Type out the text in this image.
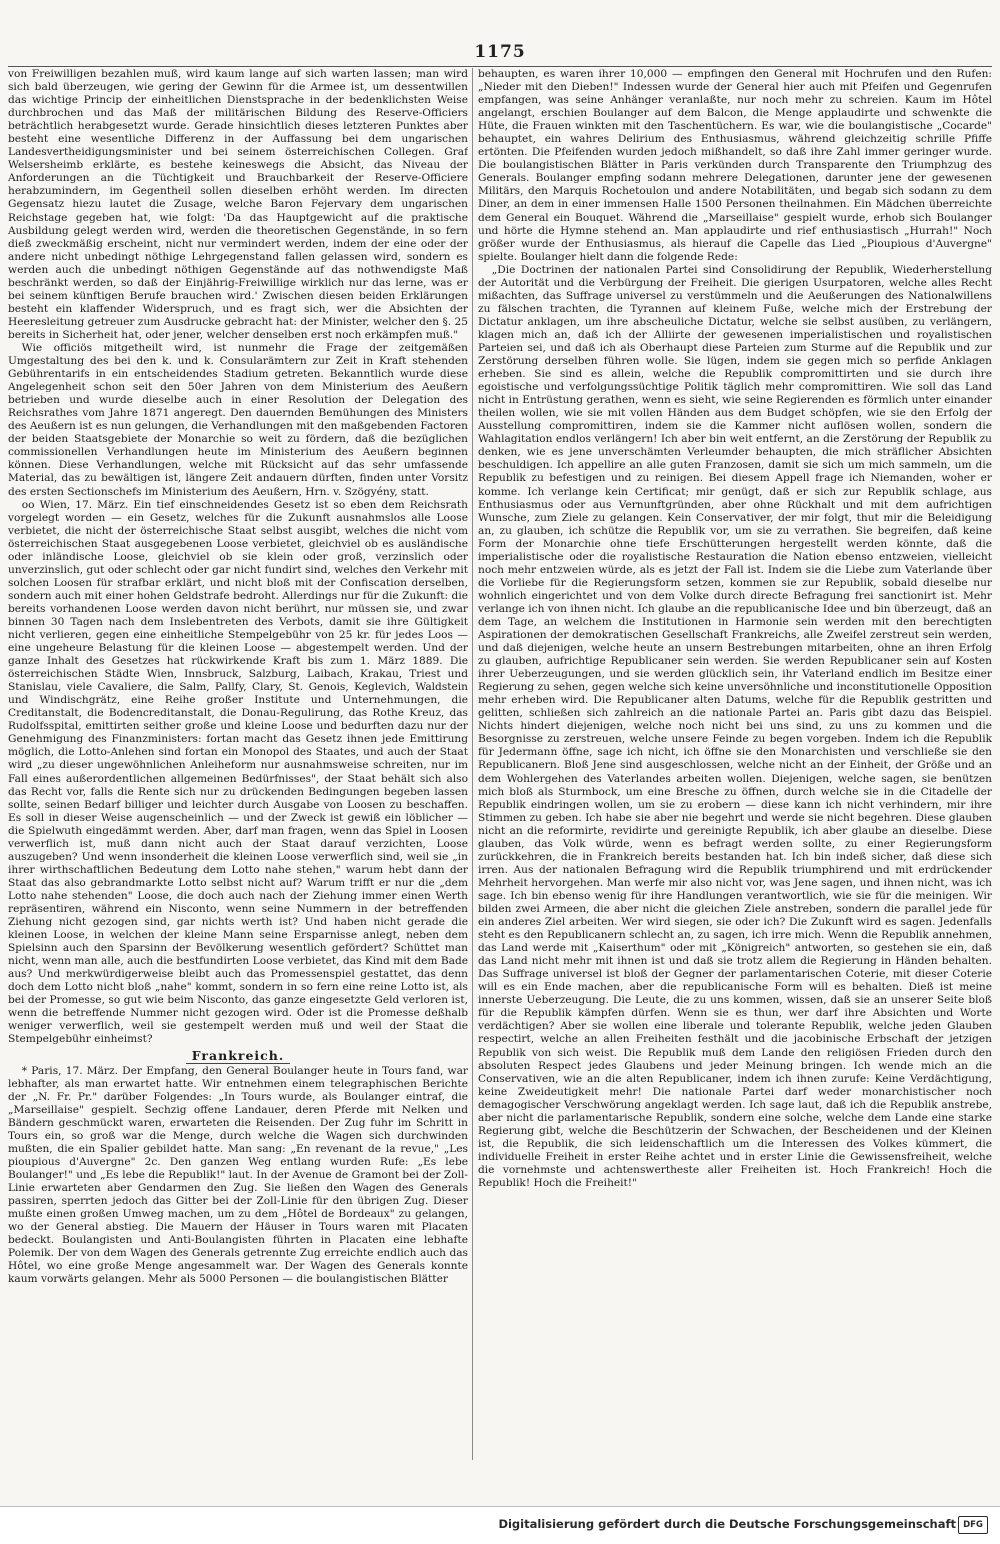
1175

von Freiwilligen bezahlen muß, wird kaum lange auf sich warten lassen; man wird sich bald überzeugen, wie gering der Gewinn für die Armee ist, um dessentwillen das wichtige Princip der einheitlichen Dienstsprache in der bedenklichsten Weise durchbrochen und das Maß der militärischen Bildung des Reserve-Officiers beträchtlich herabgesetzt wurde. Gerade hinsichtlich dieses letzteren Punktes aber besteht eine wesentliche Differenz in der Auffassung bei dem ungarischen Landesvertheidigungsminister und bei seinem österreichischen Collegen. Graf Welsersheimb erklärte, es bestehe keineswegs die Absicht, das Niveau der Anforderungen an die Tüchtigkeit und Brauchbarkeit der Reserve-Officiere herabzumindern, im Gegentheil sollen dieselben erhöht werden. Im directen Gegensatz hiezu lautet die Zusage, welche Baron Fejervary dem ungarischen Reichstage gegeben hat, wie folgt: 'Da das Hauptgewicht auf die praktische Ausbildung gelegt werden wird, werden die theoretischen Gegenstände, in so fern dieß zweckmäßig erscheint, nicht nur vermindert werden, indem der eine oder der andere nicht unbedingt nöthige Lehrgegenstand fallen gelassen wird, sondern es werden auch die unbedingt nöthigen Gegenstände auf das nothwendigste Maß beschränkt werden, so daß der Einjährig-Freiwillige wirklich nur das lerne, was er bei seinem künftigen Berufe brauchen wird.' Zwischen diesen beiden Erklärungen besteht ein klaffender Widerspruch, und es fragt sich, wer die Absichten der Heeresleitung getreuer zum Ausdrucke gebracht hat: der Minister, welcher den §. 25 bereits in Sicherheit hat, oder jener, welcher denselben erst noch erkämpfen muß."

Wie officiös mitgetheilt wird, ist nunmehr die Frage der zeitgemäßen Umgestaltung des bei den k. und k. Consularämtern zur Zeit in Kraft stehenden Gebührentarifs in ein entscheidendes Stadium getreten. Bekanntlich wurde diese Angelegenheit schon seit den 50er Jahren von dem Ministerium des Aeußern betrieben und wurde dieselbe auch in einer Resolution der Delegation des Reichsrathes vom Jahre 1871 angeregt. Den dauernden Bemühungen des Ministers des Aeußern ist es nun gelungen, die Verhandlungen mit den maßgebenden Factoren der beiden Staatsgebiete der Monarchie so weit zu fördern, daß die bezüglichen commissionellen Verhandlungen heute im Ministerium des Aeußern beginnen können. Diese Verhandlungen, welche mit Rücksicht auf das sehr umfassende Material, das zu bewältigen ist, längere Zeit andauern dürften, finden unter Vorsitz des ersten Sectionschefs im Ministerium des Aeußern, Hrn. v. Szögyény, statt.

oo Wien, 17. März. Ein tief einschneidendes Gesetz ist so eben dem Reichsrath vorgelegt worden — ein Gesetz, welches für die Zukunft ausnahmslos alle Loose verbietet, die nicht der österreichische Staat selbst ausgibt, welches die nicht vom österreichischen Staat ausgegebenen Loose verbietet, gleichviel ob es ausländische oder inländische Loose, gleichviel ob sie klein oder groß, verzinslich oder unverzinslich, gut oder schlecht oder gar nicht fundirt sind, welches den Verkehr mit solchen Loosen für strafbar erklärt, und nicht bloß mit der Confiscation derselben, sondern auch mit einer hohen Geldstrafe bedroht. Allerdings nur für die Zukunft: die bereits vorhandenen Loose werden davon nicht berührt, nur müssen sie, und zwar binnen 30 Tagen nach dem Inslebentreten des Verbots, damit sie ihre Gültigkeit nicht verlieren, gegen eine einheitliche Stempelgebühr von 25 kr. für jedes Loos — eine ungeheure Belastung für die kleinen Loose — abgestempelt werden. Und der ganze Inhalt des Gesetzes hat rückwirkende Kraft bis zum 1. März 1889. Die österreichischen Städte Wien, Innsbruck, Salzburg, Laibach, Krakau, Triest und Stanislau, viele Cavaliere, die Salm, Pallfy, Clary, St. Genois, Keglevich, Waldstein und Windischgrätz, eine Reihe großer Institute und Unternehmungen, die Creditanstalt, die Bodencreditanstalt, die Donau-Regulirung, das Rothe Kreuz, das Rudolfsspital, emittirten seither große und kleine Loose und bedurften dazu nur der Genehmigung des Finanzministers: fortan macht das Gesetz ihnen jede Emittirung möglich, die Lotto-Anlehen sind fortan ein Monopol des Staates, und auch der Staat wird „zu dieser ungewöhnlichen Anleiheform nur ausnahmsweise schreiten, nur im Fall eines außerordentlichen allgemeinen Bedürfnisses", der Staat behält sich also das Recht vor, falls die Rente sich nur zu drückenden Bedingungen begeben lassen sollte, seinen Bedarf billiger und leichter durch Ausgabe von Loosen zu beschaffen. Es soll in dieser Weise augenscheinlich — und der Zweck ist gewiß ein löblicher — die Spielwuth eingedämmt werden. Aber, darf man fragen, wenn das Spiel in Loosen verwerflich ist, muß dann nicht auch der Staat darauf verzichten, Loose auszugeben? Und wenn insonderheit die kleinen Loose verwerflich sind, weil sie „in ihrer wirthschaftlichen Bedeutung dem Lotto nahe stehen," warum hebt dann der Staat das also gebrandmarkte Lotto selbst nicht auf? Warum trifft er nur die „dem Lotto nahe stehenden" Loose, die doch auch nach der Ziehung immer einen Werth repräsentiren, während ein Nisconto, wenn seine Nummern in der betreffenden Ziehung nicht gezogen sind, gar nichts werth ist? Und haben nicht gerade die kleinen Loose, in welchen der kleine Mann seine Ersparnisse anlegt, neben dem Spielsinn auch den Sparsinn der Bevölkerung wesentlich gefördert? Schüttet man nicht, wenn man alle, auch die bestfundirten Loose verbietet, das Kind mit dem Bade aus? Und merkwürdigerweise bleibt auch das Promessenspiel gestattet, das denn doch dem Lotto nicht bloß „nahe" kommt, sondern in so fern eine reine Lotto ist, als bei der Promesse, so gut wie beim Nisconto, das ganze eingesetzte Geld verloren ist, wenn die betreffende Nummer nicht gezogen wird. Oder ist die Promesse deßhalb weniger verwerflich, weil sie gestempelt werden muß und weil der Staat die Stempelgebühr einheimst?

Frankreich.

* Paris, 17. März. Der Empfang, den General Boulanger heute in Tours fand, war lebhafter, als man erwartet hatte. Wir entnehmen einem telegraphischen Berichte der „N. Fr. Pr." darüber Folgendes: „In Tours wurde, als Boulanger eintraf, die „Marseillaise" gespielt. Sechzig offene Landauer, deren Pferde mit Nelken und Bändern geschmückt waren, erwarteten die Reisenden. Der Zug fuhr im Schritt in Tours ein, so groß war die Menge, durch welche die Wagen sich durchwinden mußten, die ein Spalier gebildet hatte. Man sang: „En revenant de la revue," „Les pioupious d'Auvergne" 2c. Den ganzen Weg entlang wurden Rufe: „Es lebe Boulanger!" und „Es lebe die Republik!" laut. In der Avenue de Gramont bei der Zoll-Linie erwarteten aber Gendarmen den Zug. Sie ließen den Wagen des Generals passiren, sperrten jedoch das Gitter bei der Zoll-Linie für den übrigen Zug. Dieser mußte einen großen Umweg machen, um zu dem „Hôtel de Bordeaux" zu gelangen, wo der General abstieg. Die Mauern der Häuser in Tours waren mit Placaten bedeckt. Boulangisten und Anti-Boulangisten führten in Placaten eine lebhafte Polemik. Der von dem Wagen des Generals getrennte Zug erreichte endlich auch das Hôtel, wo eine große Menge angesammelt war. Der Wagen des Generals konnte kaum vorwärts gelangen. Mehr als 5000 Personen — die boulangistischen Blätter

behaupten, es waren ihrer 10,000 — empfingen den General mit Hochrufen und den Rufen: „Nieder mit den Dieben!" Indessen wurde der General hier auch mit Pfeifen und Gegenrufen empfangen, was seine Anhänger veranlaßte, nur noch mehr zu schreien. Kaum im Hôtel angelangt, erschien Boulanger auf dem Balcon, die Menge applaudirte und schwenkte die Hüte, die Frauen winkten mit den Taschentüchern. Es war, wie die boulangistische „Cocarde" behauptet, ein wahres Delirium des Enthusiasmus, während gleichzeitig schrille Pfiffe ertönten. Die Pfeifenden wurden jedoch mißhandelt, so daß ihre Zahl immer geringer wurde. Die boulangistischen Blätter in Paris verkünden durch Transparente den Triumphzug des Generals. Boulanger empfing sodann mehrere Delegationen, darunter jene der gewesenen Militärs, den Marquis Rochetoulon und andere Notabilitäten, und begab sich sodann zu dem Diner, an dem in einer immensen Halle 1500 Personen theilnahmen. Ein Mädchen überreichte dem General ein Bouquet. Während die „Marseillaise" gespielt wurde, erhob sich Boulanger und hörte die Hymne stehend an. Man applaudirte und rief enthusiastisch „Hurrah!" Noch größer wurde der Enthusiasmus, als hierauf die Capelle das Lied „Pioupious d'Auvergne" spielte. Boulanger hielt dann die folgende Rede:

„Die Doctrinen der nationalen Partei sind Consolidirung der Republik, Wiederherstellung der Autorität und die Verbürgung der Freiheit. Die gierigen Usurpatoren, welche alles Recht mißachten, das Suffrage universel zu verstümmeln und die Aeußerungen des Nationalwillens zu fälschen trachten, die Tyrannen auf kleinem Fuße, welche mich der Erstrebung der Dictatur anklagen, um ihre abscheuliche Dictatur, welche sie selbst ausüben, zu verlängern, klagen mich an, daß ich der Alliirte der gewesenen imperialistischen und royalistischen Parteien sei, und daß ich als Oberhaupt diese Parteien zum Sturme auf die Republik und zur Zerstörung derselben führen wolle. Sie lügen, indem sie gegen mich so perfide Anklagen erheben. Sie sind es allein, welche die Republik compromittirten und sie durch ihre egoistische und verfolgungssüchtige Politik täglich mehr compromittiren. Wie soll das Land nicht in Entrüstung gerathen, wenn es sieht, wie seine Regierenden es förmlich unter einander theilen wollen, wie sie mit vollen Händen aus dem Budget schöpfen, wie sie den Erfolg der Ausstellung compromittiren, indem sie die Kammer nicht auflösen wollen, sondern die Wahlagitation endlos verlängern! Ich aber bin weit entfernt, an die Zerstörung der Republik zu denken, wie es jene unverschämten Verleumder behaupten, die mich sträflicher Absichten beschuldigen. Ich appellire an alle guten Franzosen, damit sie sich um mich sammeln, um die Republik zu befestigen und zu reinigen. Bei diesem Appell frage ich Niemanden, woher er komme. Ich verlange kein Certificat; mir genügt, daß er sich zur Republik schlage, aus Enthusiasmus oder aus Vernunftgründen, aber ohne Rückhalt und mit dem aufrichtigen Wunsche, zum Ziele zu gelangen. Kein Conservativer, der mir folgt, thut mir die Beleidigung an, zu glauben, ich schütze die Republik vor, um sie zu verrathen. Sie begreifen, daß keine Form der Monarchie ohne tiefe Erschütterungen hergestellt werden könnte, daß die imperialistische oder die royalistische Restauration die Nation ebenso entzweien, vielleicht noch mehr entzweien würde, als es jetzt der Fall ist. Indem sie die Liebe zum Vaterlande über die Vorliebe für die Regierungsform setzen, kommen sie zur Republik, sobald dieselbe nur wohnlich eingerichtet und von dem Volke durch directe Befragung frei sanctionirt ist. Mehr verlange ich von ihnen nicht. Ich glaube an die republicanische Idee und bin überzeugt, daß an dem Tage, an welchem die Institutionen in Harmonie sein werden mit den berechtigten Aspirationen der demokratischen Gesellschaft Frankreichs, alle Zweifel zerstreut sein werden, und daß diejenigen, welche heute an unsern Bestrebungen mitarbeiten, ohne an ihren Erfolg zu glauben, aufrichtige Republicaner sein werden. Sie werden Republicaner sein auf Kosten ihrer Ueberzeugungen, und sie werden glücklich sein, ihr Vaterland endlich im Besitze einer Regierung zu sehen, gegen welche sich keine unversöhnliche und inconstitutionelle Opposition mehr erheben wird. Die Republicaner alten Datums, welche für die Republik gestritten und gelitten, schließen sich zahlreich an die nationale Partei an. Paris gibt dazu das Beispiel. Nichts hindert diejenigen, welche noch nicht bei uns sind, zu uns zu kommen und die Besorgnisse zu zerstreuen, welche unsere Feinde zu begen vorgeben. Indem ich die Republik für Jedermann öffne, sage ich nicht, ich öffne sie den Monarchisten und verschließe sie den Republicanern. Bloß Jene sind ausgeschlossen, welche nicht an der Einheit, der Größe und an dem Wohlergehen des Vaterlandes arbeiten wollen. Diejenigen, welche sagen, sie benützen mich bloß als Sturmbock, um eine Bresche zu öffnen, durch welche sie in die Citadelle der Republik eindringen wollen, um sie zu erobern — diese kann ich nicht verhindern, mir ihre Stimmen zu geben. Ich habe sie aber nie begehrt und werde sie nicht begehren. Diese glauben nicht an die reformirte, revidirte und gereinigte Republik, ich aber glaube an dieselbe. Diese glauben, das Volk würde, wenn es befragt werden sollte, zu einer Regierungsform zurückkehren, die in Frankreich bereits bestanden hat. Ich bin indeß sicher, daß diese sich irren. Aus der nationalen Befragung wird die Republik triumphirend und mit erdrückender Mehrheit hervorgehen. Man werfe mir also nicht vor, was Jene sagen, und ihnen nicht, was ich sage. Ich bin ebenso wenig für ihre Handlungen verantwortlich, wie sie für die meinigen. Wir bilden zwei Armeen, die aber nicht die gleichen Ziele anstreben, sondern die parallel jede für ein anderes Ziel arbeiten. Wer wird siegen, sie oder ich? Die Zukunft wird es sagen. Jedenfalls steht es den Republicanern schlecht an, zu sagen, ich irre mich. Wenn die Republik annehmen, das Land werde mit „Kaiserthum" oder mit „Königreich" antworten, so gestehen sie ein, daß das Land nicht mehr mit ihnen ist und daß sie trotz allem die Regierung in Händen behalten. Das Suffrage universel ist bloß der Gegner der parlamentarischen Coterie, mit dieser Coterie will es ein Ende machen, aber die republicanische Form will es behalten. Dieß ist meine innerste Ueberzeugung. Die Leute, die zu uns kommen, wissen, daß sie an unserer Seite bloß für die Republik kämpfen dürfen. Wenn sie es thun, wer darf ihre Absichten und Worte verdächtigen? Aber sie wollen eine liberale und tolerante Republik, welche jeden Glauben respectirt, welche an allen Freiheiten festhält und die jacobinische Erbschaft der jetzigen Republik von sich weist. Die Republik muß dem Lande den religiösen Frieden durch den absoluten Respect jedes Glaubens und jeder Meinung bringen. Ich wende mich an die Conservativen, wie an die alten Republicaner, indem ich ihnen zurufe: Keine Verdächtigung, keine Zweideutigkeit mehr! Die nationale Partei darf weder monarchistischer noch demagogischer Verschwörung angeklagt werden. Ich sage laut, daß ich die Republik anstrebe, aber nicht die parlamentarische Republik, sondern eine solche, welche dem Lande eine starke Regierung gibt, welche die Beschützerin der Schwachen, der Bescheidenen und der Kleinen ist, die Republik, die sich leidenschaftlich um die Interessen des Volkes kümmert, die individuelle Freiheit in erster Reihe achtet und in erster Linie die Gewissensfreiheit, welche die vornehmste und achtenswertheste aller Freiheiten ist. Hoch Frankreich! Hoch die Republik! Hoch die Freiheit!"

Digitalisierung gefördert durch die Deutsche Forschungsgemeinschaft DFG
